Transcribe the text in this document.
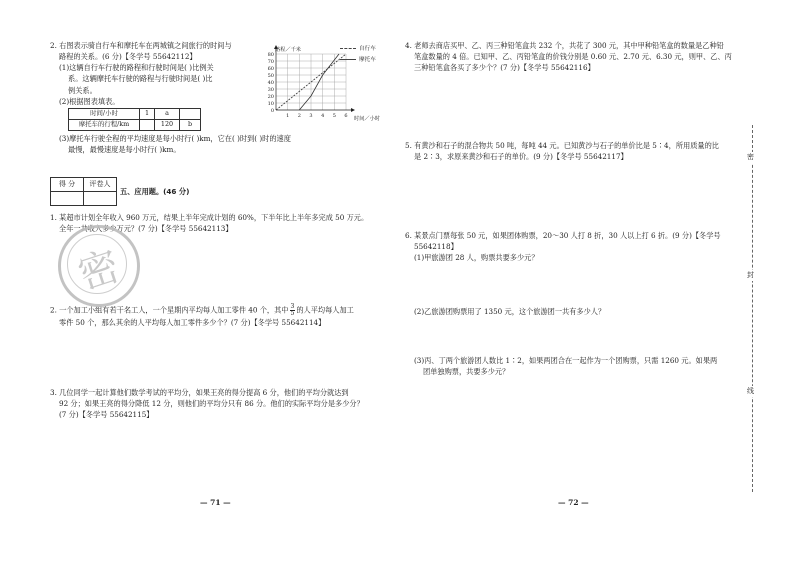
2. 右图表示骑自行车和摩托车在两城镇之间旅行的时间与

路程的关系。(6 分)【冬学号 55642112】

(1)这辆自行车行驶的路程和行驶时间是( )比例关

系。这辆摩托车行驶的路程与行驶时间是( )比

例关系。

(2)根据图表填表。

时间/小时	1	a	
摩托车的行程/km		120	b

(3)摩托车行驶全程的平均速度是每小时行( )km，它在( )时到( )时的速度

最慢，最慢速度是每小时行( )km。

80
70
60
50
40
30
20
10
0
1 2 3 4 5 6
路程／千米
时间／小时
自行车
摩托车
得 分	评卷人

五、应用题。(46 分)

1. 某超市计划全年收入 960 万元，结果上半年完成计划的 60%，下半年比上半年多完成 50 万元。

全年一共收入多少万元？(7 分)【冬学号 55642113】

2. 一个加工小组有若干名工人，一个星期内平均每人加工零件 40 个，其中 $\frac{3}{5}$ 的人平均每人加工

零件 50 个，那么其余的人平均每人加工零件多少个？(7 分)【冬学号 55642114】

3. 几位同学一起计算他们数学考试的平均分，如果王亮的得分提高 6 分，他们的平均分就达到

92 分；如果王亮的得分降低 12 分，则他们的平均分只有 86 分。他们的实际平均分是多少分？

(7 分)【冬学号 55642115】

密
— 71 —

4. 老师去商店买甲、乙、丙三种铅笔盒共 232 个，共花了 300 元，其中甲种铅笔盒的数量是乙种铅

笔盒数量的 4 倍。已知甲、乙、丙铅笔盒的价钱分别是 0.60 元、2.70 元、6.30 元，则甲、乙、丙

三种铅笔盒各买了多少个？(7 分)【冬学号 55642116】

5. 有黄沙和石子的混合物共 50 吨，每吨 44 元。已知黄沙与石子的单价比是 5∶4，所用质量的比

是 2∶3，求原来黄沙和石子的单价。(9 分)【冬学号 55642117】

6. 某景点门票每张 50 元，如果团体购票，20～30 人打 8 折，30 人以上打 6 折。(9 分)【冬学号

55642118】

(1)甲旅游团 28 人，购票共要多少元？

(2)乙旅游团购票用了 1350 元，这个旅游团一共有多少人？

(3)丙、丁两个旅游团人数比 1∶2，如果两团合在一起作为一个团购票，只需 1260 元。如果两

团单独购票，共要多少元？

— 72 —
密
封
线
